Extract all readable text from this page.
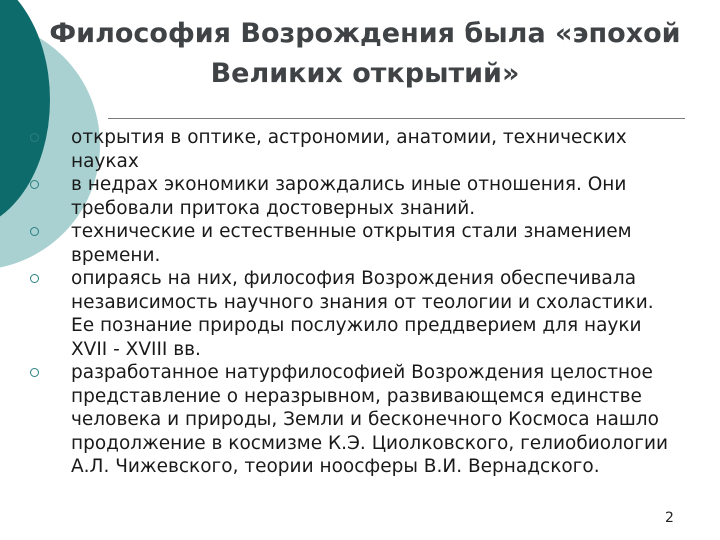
Философия Возрождения была «эпохой
Великих открытий»
открытия в оптике, астрономии, анатомии, технических науках
в недрах экономики зарождались иные отношения. Они требовали притока достоверных знаний.
технические и естественные открытия стали знамением времени.
опираясь на них, философия Возрождения обеспечивала независимость научного знания от теологии и схоластики. Ее познание природы послужило преддверием для науки XVII - XVIII вв.
разработанное натурфилософией Возрождения целостное представление о неразрывном, развивающемся единстве человека и природы, Земли и бесконечного Космоса нашло продолжение в космизме К.Э. Циолковского, гелиобиологии А.Л. Чижевского, теории ноосферы В.И. Вернадского.
2
